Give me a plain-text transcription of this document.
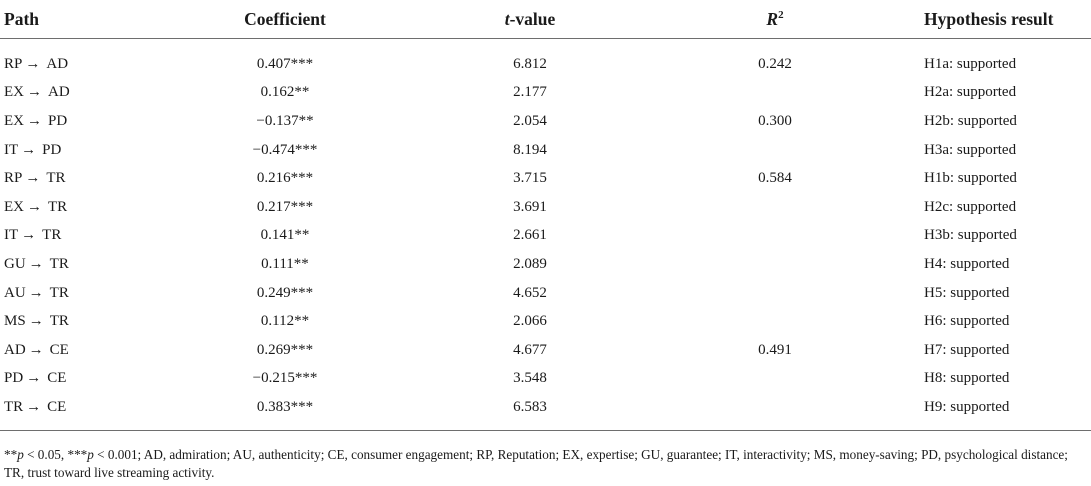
Path	Coefficient	t-value	$R^2$	Hypothesis result
RP → AD	0.407***	6.812	0.242	H1a: supported
EX → AD	0.162**	2.177		H2a: supported
EX → PD	−0.137**	2.054	0.300	H2b: supported
IT → PD	−0.474***	8.194		H3a: supported
RP → TR	0.216***	3.715	0.584	H1b: supported
EX → TR	0.217***	3.691		H2c: supported
IT → TR	0.141**	2.661		H3b: supported
GU → TR	0.111**	2.089		H4: supported
AU → TR	0.249***	4.652		H5: supported
MS → TR	0.112**	2.066		H6: supported
AD → CE	0.269***	4.677	0.491	H7: supported
PD → CE	−0.215***	3.548		H8: supported
TR → CE	0.383***	6.583		H9: supported
**p < 0.05, ***p < 0.001; AD, admiration; AU, authenticity; CE, consumer engagement; RP, Reputation; EX, expertise; GU, guarantee; IT, interactivity; MS, money-saving; PD, psychological distance; TR, trust toward live streaming activity.
